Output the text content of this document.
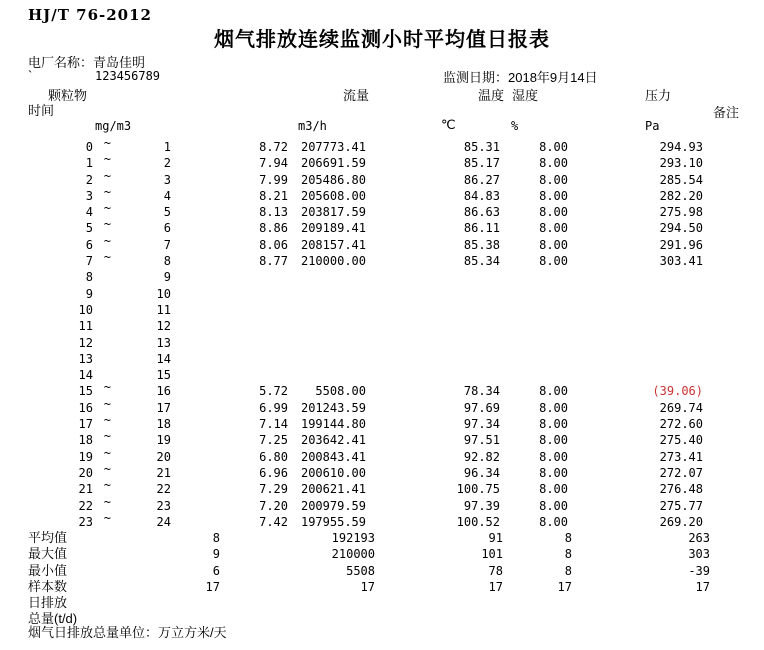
HJ/T 76-2012
烟气排放连续监测小时平均值日报表
电厂名称：青岛佳明
`	123456789	监测日期：2018年9月14日
时间
颗粒物	流量	温度 湿度	压力
备注
mg/m3	m3/h	℃	%	Pa
0 ~	1	8.72	207773.41	85.31	8.00	294.93
1 ~	2	7.94	206691.59	85.17	8.00	293.10
2 ~	3	7.99	205486.80	86.27	8.00	285.54
3 ~	4	8.21	205608.00	84.83	8.00	282.20
4 ~	5	8.13	203817.59	86.63	8.00	275.98
5 ~	6	8.86	209189.41	86.11	8.00	294.50
6 ~	7	8.06	208157.41	85.38	8.00	291.96
7 ~	8	8.77	210000.00	85.34	8.00	303.41
8	9
9	10
10	11
11	12
12	13
13	14
14	15
15 ~	16	5.72	5508.00	78.34	8.00	(39.06)
16 ~	17	6.99	201243.59	97.69	8.00	269.74
17 ~	18	7.14	199144.80	97.34	8.00	272.60
18 ~	19	7.25	203642.41	97.51	8.00	275.40
19 ~	20	6.80	200843.41	92.82	8.00	273.41
20 ~	21	6.96	200610.00	96.34	8.00	272.07
21 ~	22	7.29	200621.41	100.75	8.00	276.48
22 ~	23	7.20	200979.59	97.39	8.00	275.77
23 ~	24	7.42	197955.59	100.52	8.00	269.20
平均值	8	192193	91	8	263
最大值	9	210000	101	8	303
最小值	6	5508	78	8	-39
样本数	17	17	17	17	17
日排放
总量(t/d)
烟气日排放总量单位：万立方米/天
